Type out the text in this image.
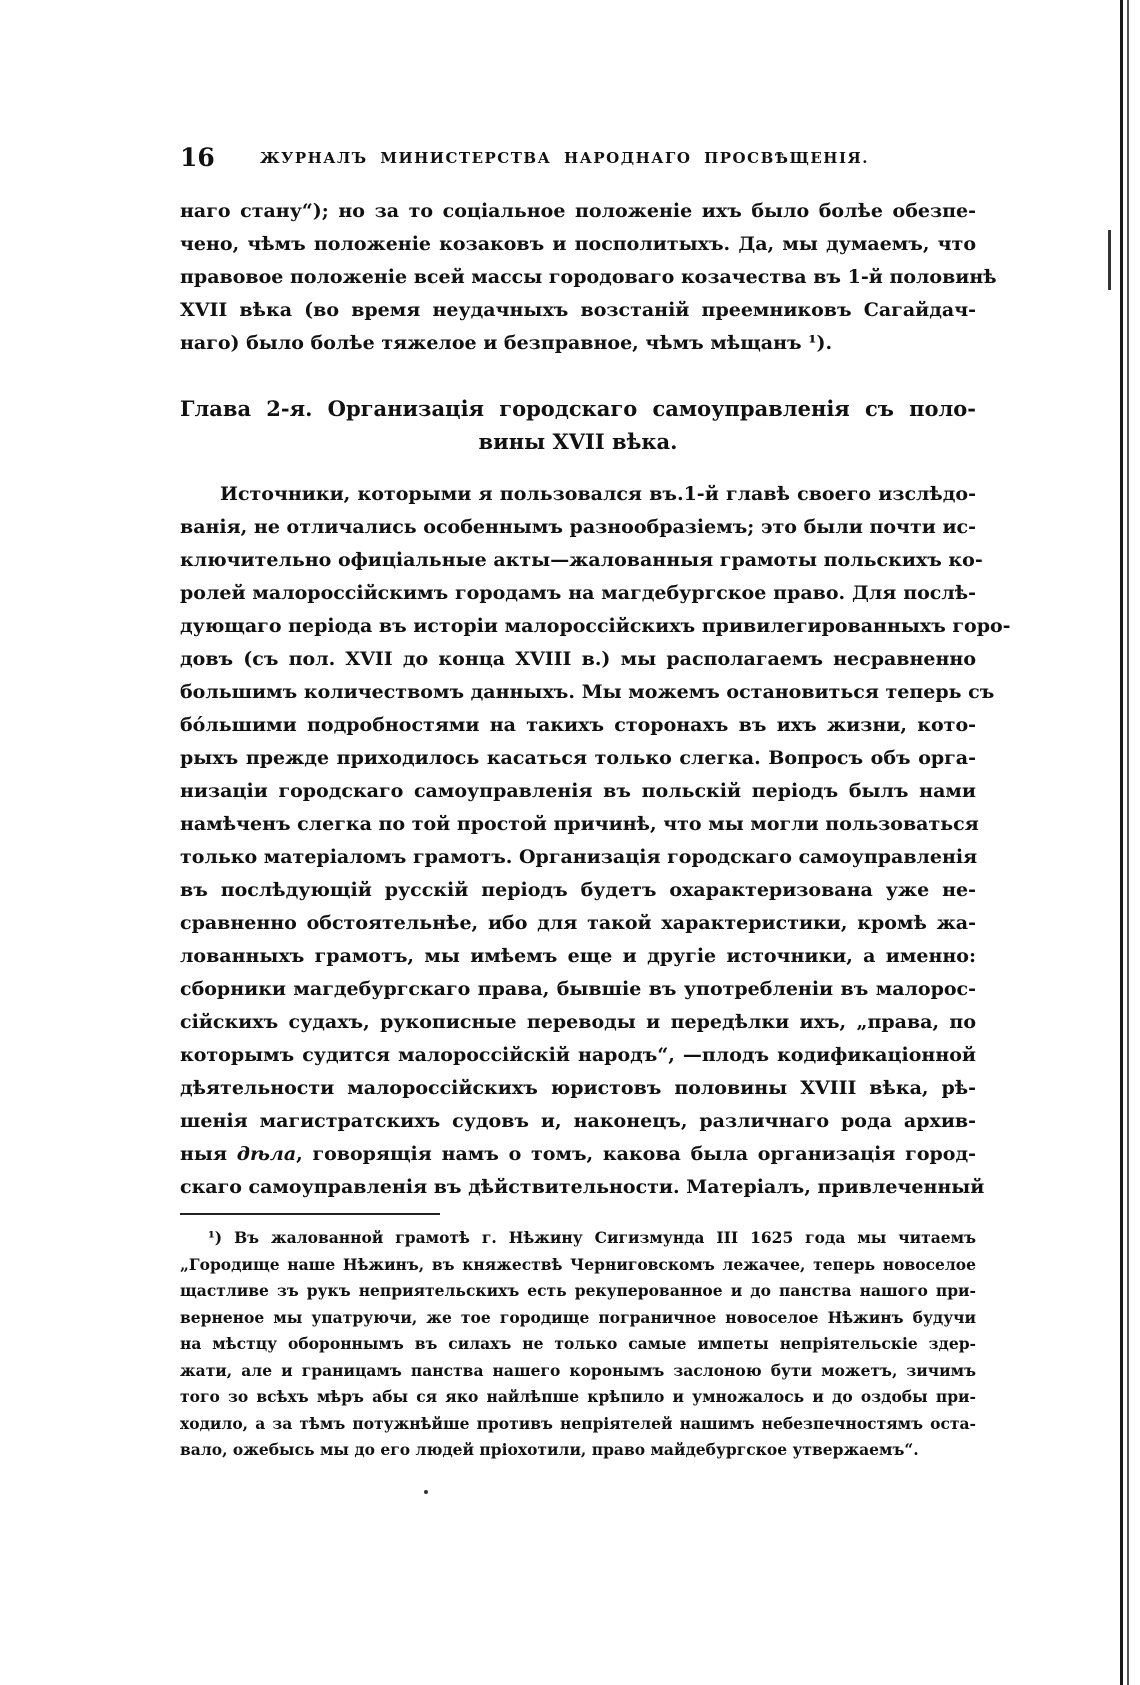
16	ЖУРНАЛЪ МИНИСТЕРСТВА НАРОДНАГО ПРОСВѢЩЕНІЯ.
наго стану“); но за то соціальное положеніе ихъ было болѣе обезпе-
чено, чѣмъ положеніе козаковъ и посполитыхъ. Да, мы думаемъ, что
правовое положеніе всей массы городоваго козачества въ 1-й половинѣ
XVII вѣка (во время неудачныхъ возстаній преемниковъ Сагайдач-
наго) было болѣе тяжелое и безправное, чѣмъ мѣщанъ ¹).
Глава 2-я. Организація городскаго самоуправленія съ поло-
вины XVII вѣка.
Источники, которыми я пользовался въ.1-й главѣ своего изслѣдо-
ванія, не отличались особеннымъ разнообразіемъ; это были почти ис-
ключительно офиціальные акты—жалованныя грамоты польскихъ ко-
ролей малороссійскимъ городамъ на магдебургское право. Для послѣ-
дующаго періода въ исторіи малороссійскихъ привилегированныхъ горо-
довъ (съ пол. XVII до конца XVIII в.) мы располагаемъ несравненно
большимъ количествомъ данныхъ. Мы можемъ остановиться теперь съ
бо́льшими подробностями на такихъ сторонахъ въ ихъ жизни, кото-
рыхъ прежде приходилось касаться только слегка. Вопросъ объ орга-
низаціи городскаго самоуправленія въ польскій періодъ былъ нами
намѣченъ слегка по той простой причинѣ, что мы могли пользоваться
только матеріаломъ грамотъ. Организація городскаго самоуправленія
въ послѣдующій русскій періодъ будетъ охарактеризована уже не-
сравненно обстоятельнѣе, ибо для такой характеристики, кромѣ жа-
лованныхъ грамотъ, мы имѣемъ еще и другіе источники, а именно:
сборники магдебургскаго права, бывшіе въ употребленіи въ малорос-
сійскихъ судахъ, рукописные переводы и передѣлки ихъ, „права, по
которымъ судится малороссійскій народъ“, —плодъ кодификаціонной
дѣятельности малороссійскихъ юристовъ половины XVIII вѣка, рѣ-
шенія магистратскихъ судовъ и, наконецъ, различнаго рода архив-
ныя дѣла, говорящія намъ о томъ, какова была организація город-
скаго самоуправленія въ дѣйствительности. Матеріалъ, привлеченный
¹) Въ жалованной грамотѣ г. Нѣжину Сигизмунда III 1625 года мы читаемъ
„Городище наше Нѣжинъ, въ княжествѣ Черниговскомъ лежачее, теперь новоселое
щастливе зъ рукъ неприятельскихъ есть рекуперованное и до панства нашого при-
верненое мы упатруючи, же тое городище пограничное новоселое Нѣжинъ будучи
на мѣстцу обороннымъ въ силахъ не только самые импеты непріятельскіе здер-
жати, але и границамъ панства нашего коронымъ заслоною бути можетъ, зичимъ
того зо всѣхъ мѣръ абы ся яко найлѣпше крѣпило и умножалось и до оздобы при-
ходило, а за тѣмъ потужнѣйше противъ непріятелей нашимъ небезпечностямъ оста-
вало, ожебысь мы до его людей пріохотили, право майдебургское утвержаемъ“.
